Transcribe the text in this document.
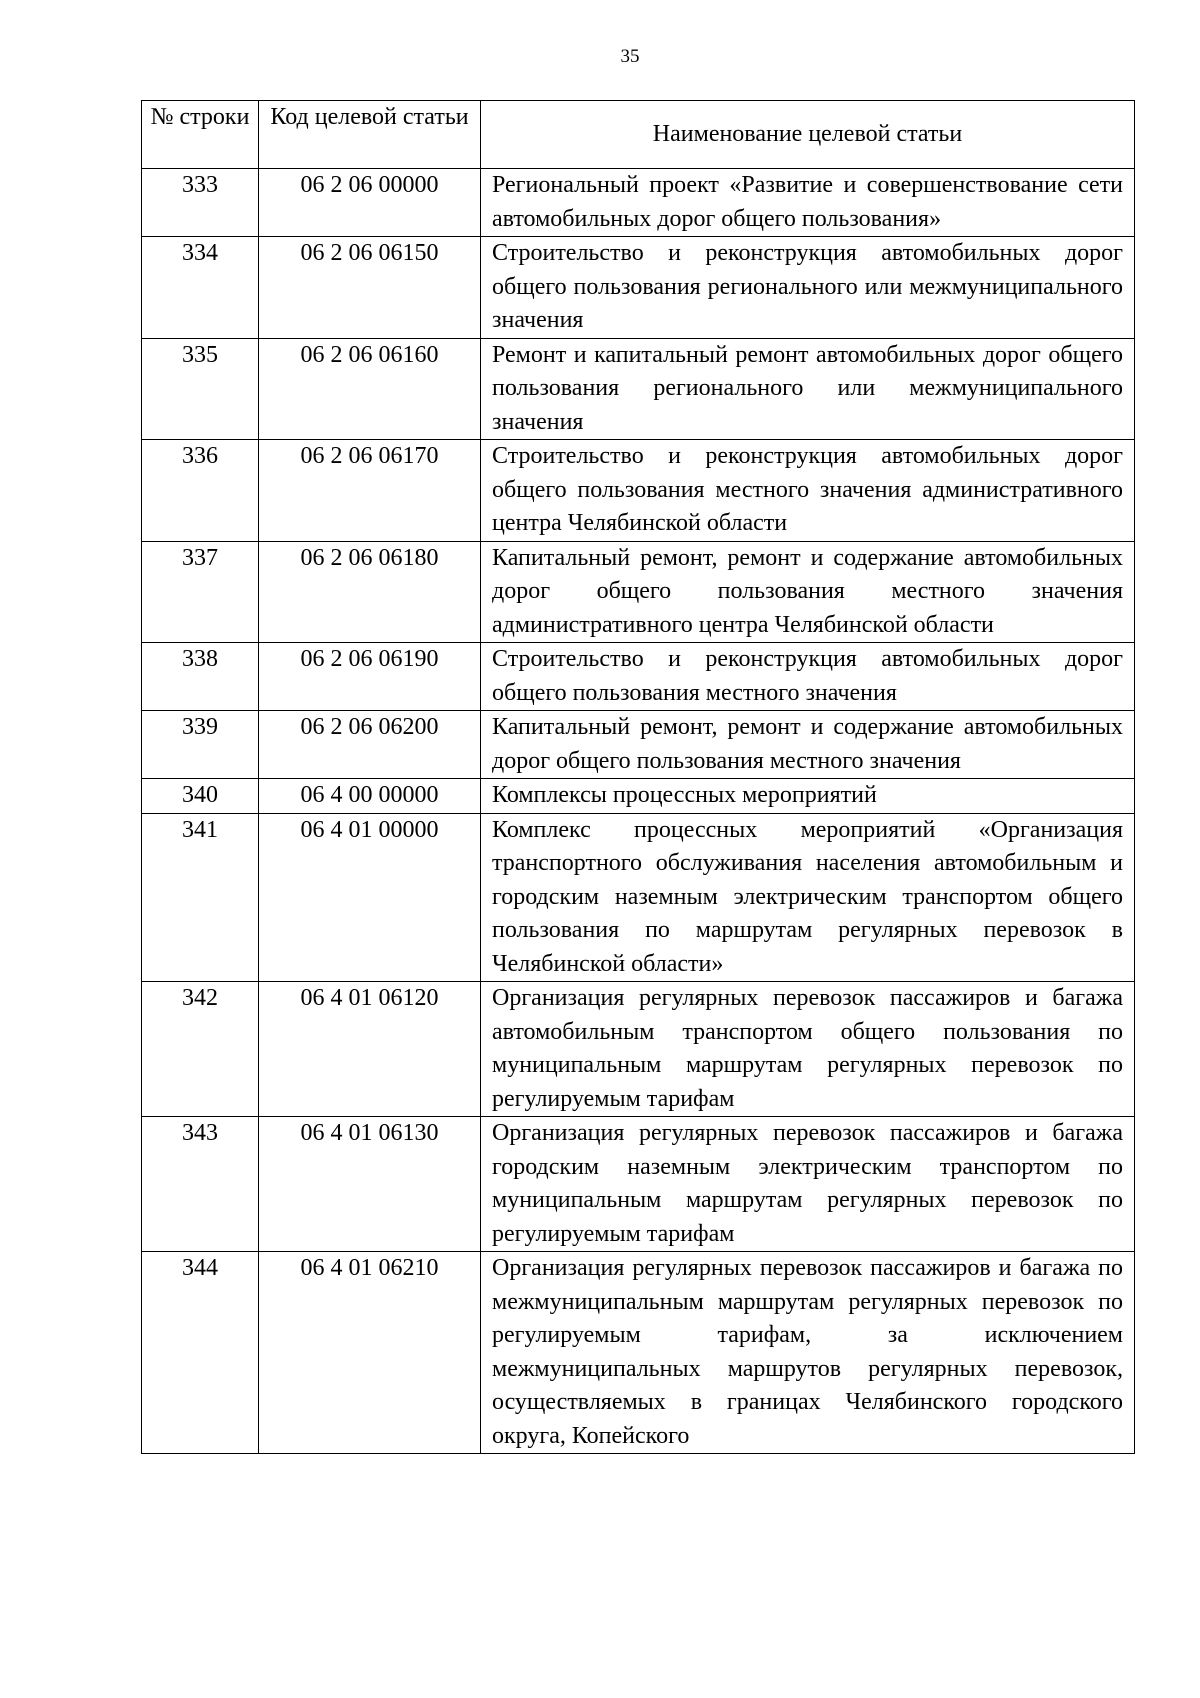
35
№ строки	Код целевой статьи	Наименование целевой статьи
333	06 2 06 00000	Региональный проект «Развитие и совершенствование сети автомобильных дорог общего пользования»
334	06 2 06 06150	Строительство и реконструкция автомобильных дорог общего пользования регионального или межмуниципального значения
335	06 2 06 06160	Ремонт и капитальный ремонт автомобильных дорог общего пользования регионального или межмуниципального значения
336	06 2 06 06170	Строительство и реконструкция автомобильных дорог общего пользования местного значения административного центра Челябинской области
337	06 2 06 06180	Капитальный ремонт, ремонт и содержание автомобильных дорог общего пользования местного значения административного центра Челябинской области
338	06 2 06 06190	Строительство и реконструкция автомобильных дорог общего пользования местного значения
339	06 2 06 06200	Капитальный ремонт, ремонт и содержание автомобильных дорог общего пользования местного значения
340	06 4 00 00000	Комплексы процессных мероприятий
341	06 4 01 00000	Комплекс процессных мероприятий «Организация транспортного обслуживания населения автомобильным и городским наземным электрическим транспортом общего пользования по маршрутам регулярных перевозок в Челябинской области»
342	06 4 01 06120	Организация регулярных перевозок пассажиров и багажа автомобильным транспортом общего пользования по муниципальным маршрутам регулярных перевозок по регулируемым тарифам
343	06 4 01 06130	Организация регулярных перевозок пассажиров и багажа городским наземным электрическим транспортом по муниципальным маршрутам регулярных перевозок по регулируемым тарифам
344	06 4 01 06210	Организация регулярных перевозок пассажиров и багажа по межмуниципальным маршрутам регулярных перевозок по регулируемым тарифам, за исключением межмуниципальных маршрутов регулярных перевозок, осуществляемых в границах Челябинского городского округа, Копейского
